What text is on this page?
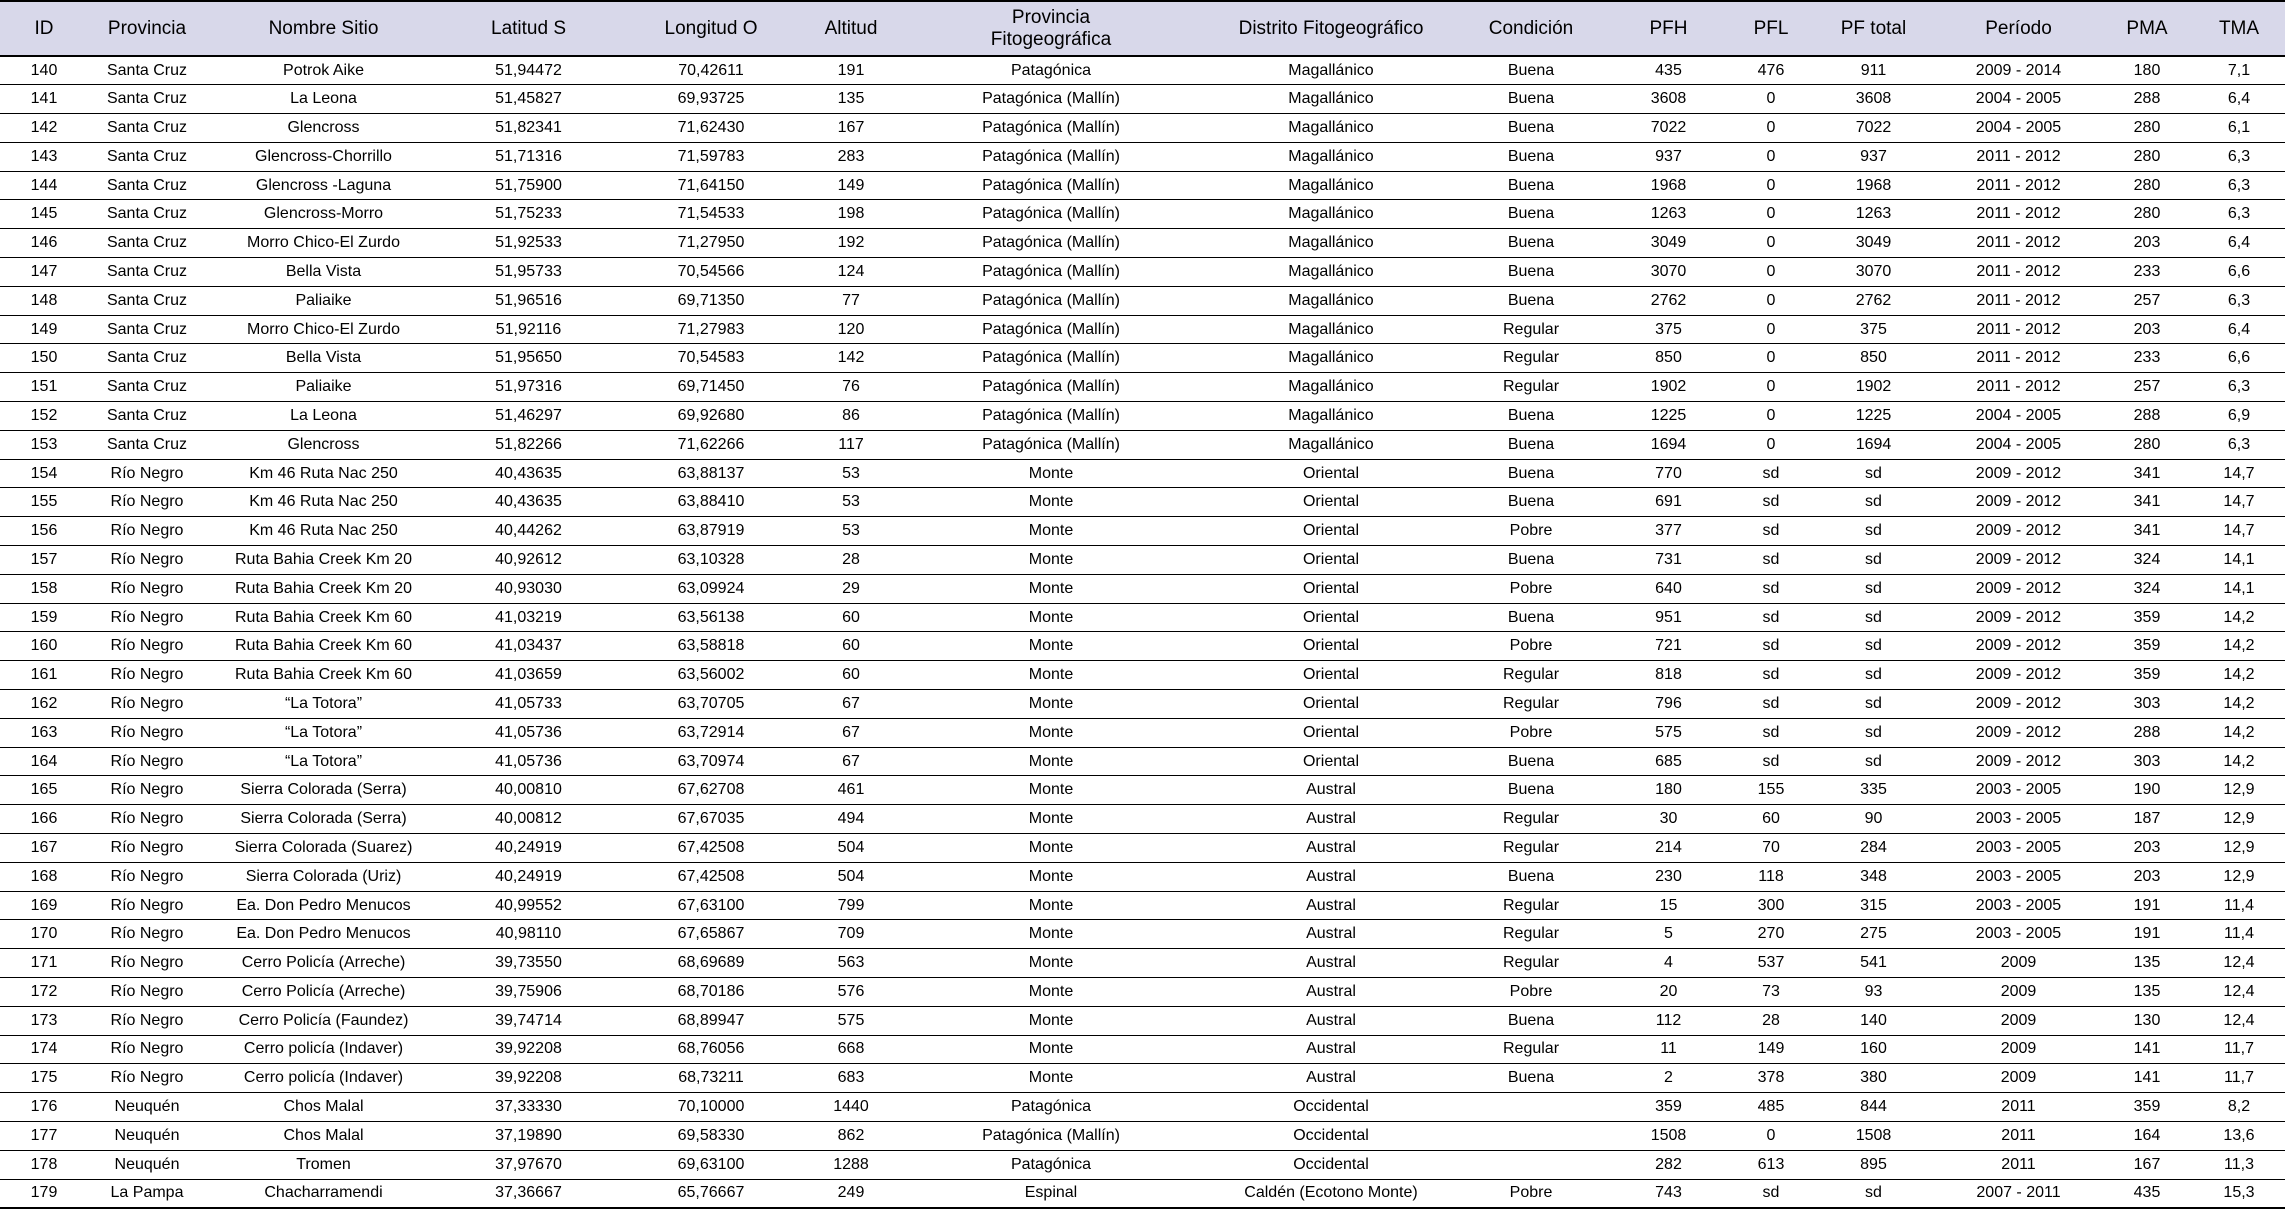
ID	Provincia	Nombre Sitio	Latitud S	Longitud O	Altitud	Provincia
Fitogeográfica	Distrito Fitogeográfico	Condición	PFH	PFL	PF total	Período	PMA	TMA
140	Santa Cruz	Potrok Aike	51,94472	70,42611	191	Patagónica	Magallánico	Buena	435	476	911	2009 - 2014	180	7,1
141	Santa Cruz	La Leona	51,45827	69,93725	135	Patagónica (Mallín)	Magallánico	Buena	3608	0	3608	2004 - 2005	288	6,4
142	Santa Cruz	Glencross	51,82341	71,62430	167	Patagónica (Mallín)	Magallánico	Buena	7022	0	7022	2004 - 2005	280	6,1
143	Santa Cruz	Glencross-Chorrillo	51,71316	71,59783	283	Patagónica (Mallín)	Magallánico	Buena	937	0	937	2011 - 2012	280	6,3
144	Santa Cruz	Glencross -Laguna	51,75900	71,64150	149	Patagónica (Mallín)	Magallánico	Buena	1968	0	1968	2011 - 2012	280	6,3
145	Santa Cruz	Glencross-Morro	51,75233	71,54533	198	Patagónica (Mallín)	Magallánico	Buena	1263	0	1263	2011 - 2012	280	6,3
146	Santa Cruz	Morro Chico-El Zurdo	51,92533	71,27950	192	Patagónica (Mallín)	Magallánico	Buena	3049	0	3049	2011 - 2012	203	6,4
147	Santa Cruz	Bella Vista	51,95733	70,54566	124	Patagónica (Mallín)	Magallánico	Buena	3070	0	3070	2011 - 2012	233	6,6
148	Santa Cruz	Paliaike	51,96516	69,71350	77	Patagónica (Mallín)	Magallánico	Buena	2762	0	2762	2011 - 2012	257	6,3
149	Santa Cruz	Morro Chico-El Zurdo	51,92116	71,27983	120	Patagónica (Mallín)	Magallánico	Regular	375	0	375	2011 - 2012	203	6,4
150	Santa Cruz	Bella Vista	51,95650	70,54583	142	Patagónica (Mallín)	Magallánico	Regular	850	0	850	2011 - 2012	233	6,6
151	Santa Cruz	Paliaike	51,97316	69,71450	76	Patagónica (Mallín)	Magallánico	Regular	1902	0	1902	2011 - 2012	257	6,3
152	Santa Cruz	La Leona	51,46297	69,92680	86	Patagónica (Mallín)	Magallánico	Buena	1225	0	1225	2004 - 2005	288	6,9
153	Santa Cruz	Glencross	51,82266	71,62266	117	Patagónica (Mallín)	Magallánico	Buena	1694	0	1694	2004 - 2005	280	6,3
154	Río Negro	Km 46 Ruta Nac 250	40,43635	63,88137	53	Monte	Oriental	Buena	770	sd	sd	2009 - 2012	341	14,7
155	Río Negro	Km 46 Ruta Nac 250	40,43635	63,88410	53	Monte	Oriental	Buena	691	sd	sd	2009 - 2012	341	14,7
156	Río Negro	Km 46 Ruta Nac 250	40,44262	63,87919	53	Monte	Oriental	Pobre	377	sd	sd	2009 - 2012	341	14,7
157	Río Negro	Ruta Bahia Creek Km 20	40,92612	63,10328	28	Monte	Oriental	Buena	731	sd	sd	2009 - 2012	324	14,1
158	Río Negro	Ruta Bahia Creek Km 20	40,93030	63,09924	29	Monte	Oriental	Pobre	640	sd	sd	2009 - 2012	324	14,1
159	Río Negro	Ruta Bahia Creek Km 60	41,03219	63,56138	60	Monte	Oriental	Buena	951	sd	sd	2009 - 2012	359	14,2
160	Río Negro	Ruta Bahia Creek Km 60	41,03437	63,58818	60	Monte	Oriental	Pobre	721	sd	sd	2009 - 2012	359	14,2
161	Río Negro	Ruta Bahia Creek Km 60	41,03659	63,56002	60	Monte	Oriental	Regular	818	sd	sd	2009 - 2012	359	14,2
162	Río Negro	“La Totora”	41,05733	63,70705	67	Monte	Oriental	Regular	796	sd	sd	2009 - 2012	303	14,2
163	Río Negro	“La Totora”	41,05736	63,72914	67	Monte	Oriental	Pobre	575	sd	sd	2009 - 2012	288	14,2
164	Río Negro	“La Totora”	41,05736	63,70974	67	Monte	Oriental	Buena	685	sd	sd	2009 - 2012	303	14,2
165	Río Negro	Sierra Colorada (Serra)	40,00810	67,62708	461	Monte	Austral	Buena	180	155	335	2003 - 2005	190	12,9
166	Río Negro	Sierra Colorada (Serra)	40,00812	67,67035	494	Monte	Austral	Regular	30	60	90	2003 - 2005	187	12,9
167	Río Negro	Sierra Colorada (Suarez)	40,24919	67,42508	504	Monte	Austral	Regular	214	70	284	2003 - 2005	203	12,9
168	Río Negro	Sierra Colorada (Uriz)	40,24919	67,42508	504	Monte	Austral	Buena	230	118	348	2003 - 2005	203	12,9
169	Río Negro	Ea. Don Pedro Menucos	40,99552	67,63100	799	Monte	Austral	Regular	15	300	315	2003 - 2005	191	11,4
170	Río Negro	Ea. Don Pedro Menucos	40,98110	67,65867	709	Monte	Austral	Regular	5	270	275	2003 - 2005	191	11,4
171	Río Negro	Cerro Policía (Arreche)	39,73550	68,69689	563	Monte	Austral	Regular	4	537	541	2009	135	12,4
172	Río Negro	Cerro Policía (Arreche)	39,75906	68,70186	576	Monte	Austral	Pobre	20	73	93	2009	135	12,4
173	Río Negro	Cerro Policía (Faundez)	39,74714	68,89947	575	Monte	Austral	Buena	112	28	140	2009	130	12,4
174	Río Negro	Cerro policía (Indaver)	39,92208	68,76056	668	Monte	Austral	Regular	11	149	160	2009	141	11,7
175	Río Negro	Cerro policía (Indaver)	39,92208	68,73211	683	Monte	Austral	Buena	2	378	380	2009	141	11,7
176	Neuquén	Chos Malal	37,33330	70,10000	1440	Patagónica	Occidental		359	485	844	2011	359	8,2
177	Neuquén	Chos Malal	37,19890	69,58330	862	Patagónica (Mallín)	Occidental		1508	0	1508	2011	164	13,6
178	Neuquén	Tromen	37,97670	69,63100	1288	Patagónica	Occidental		282	613	895	2011	167	11,3
179	La Pampa	Chacharramendi	37,36667	65,76667	249	Espinal	Caldén (Ecotono Monte)	Pobre	743	sd	sd	2007 - 2011	435	15,3
